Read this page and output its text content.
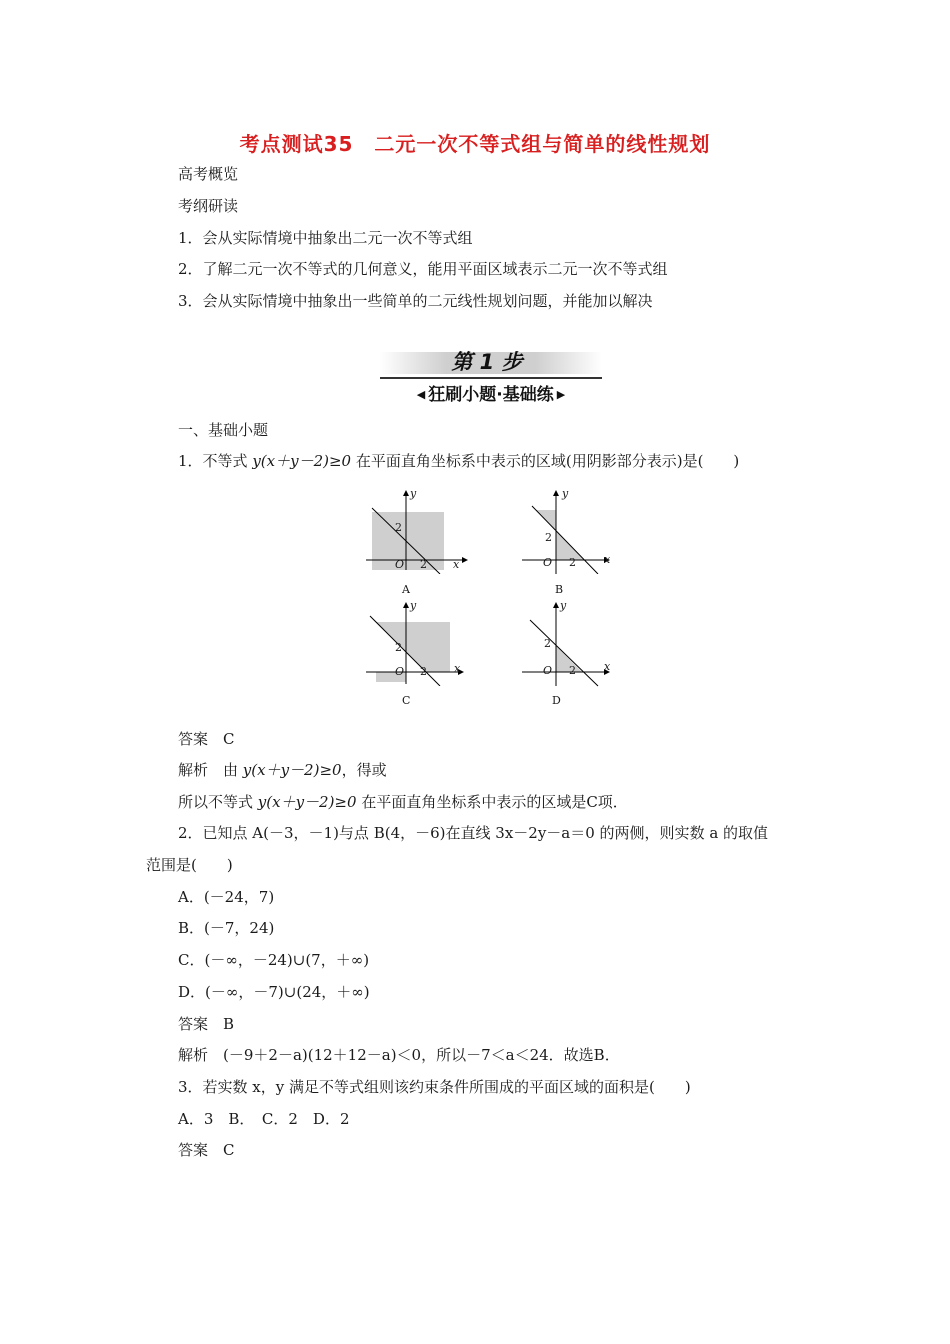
考点测试35　二元一次不等式组与简单的线性规划
高考概览
考纲研读
1．会从实际情境中抽象出二元一次不等式组
2．了解二元一次不等式的几何意义，能用平面区域表示二元一次不等式组
3．会从实际情境中抽象出一些简单的二元线性规划问题，并能加以解决
第 1 步
◀ 狂刷小题·基础练 ▶
一、基础小题
1．不等式 y(x＋y－2)≥0 在平面直角坐标系中表示的区域(用阴影部分表示)是(　　)
y
2
O 2 x
A
y
2
O 2	x
B
y
2
O 2 x
C
y
2
O 2	x
D
答案　C
解析　由 y(x＋y－2)≥0，得或
所以不等式 y(x＋y－2)≥0 在平面直角坐标系中表示的区域是C项．
2．已知点 A(－3，－1)与点 B(4，－6)在直线 3x－2y－a＝0 的两侧，则实数 a 的取值
范围是(　　)
A．(－24，7)
B．(－7，24)
C．(－∞，－24)∪(7，＋∞)
D．(－∞，－7)∪(24，＋∞)
答案　B
解析　(－9＋2－a)(12＋12－a)＜0，所以－7＜a＜24．故选B．
3．若实数 x，y 满足不等式组则该约束条件所围成的平面区域的面积是(　　)
A．3　B．　C．2　D．2
答案　C
